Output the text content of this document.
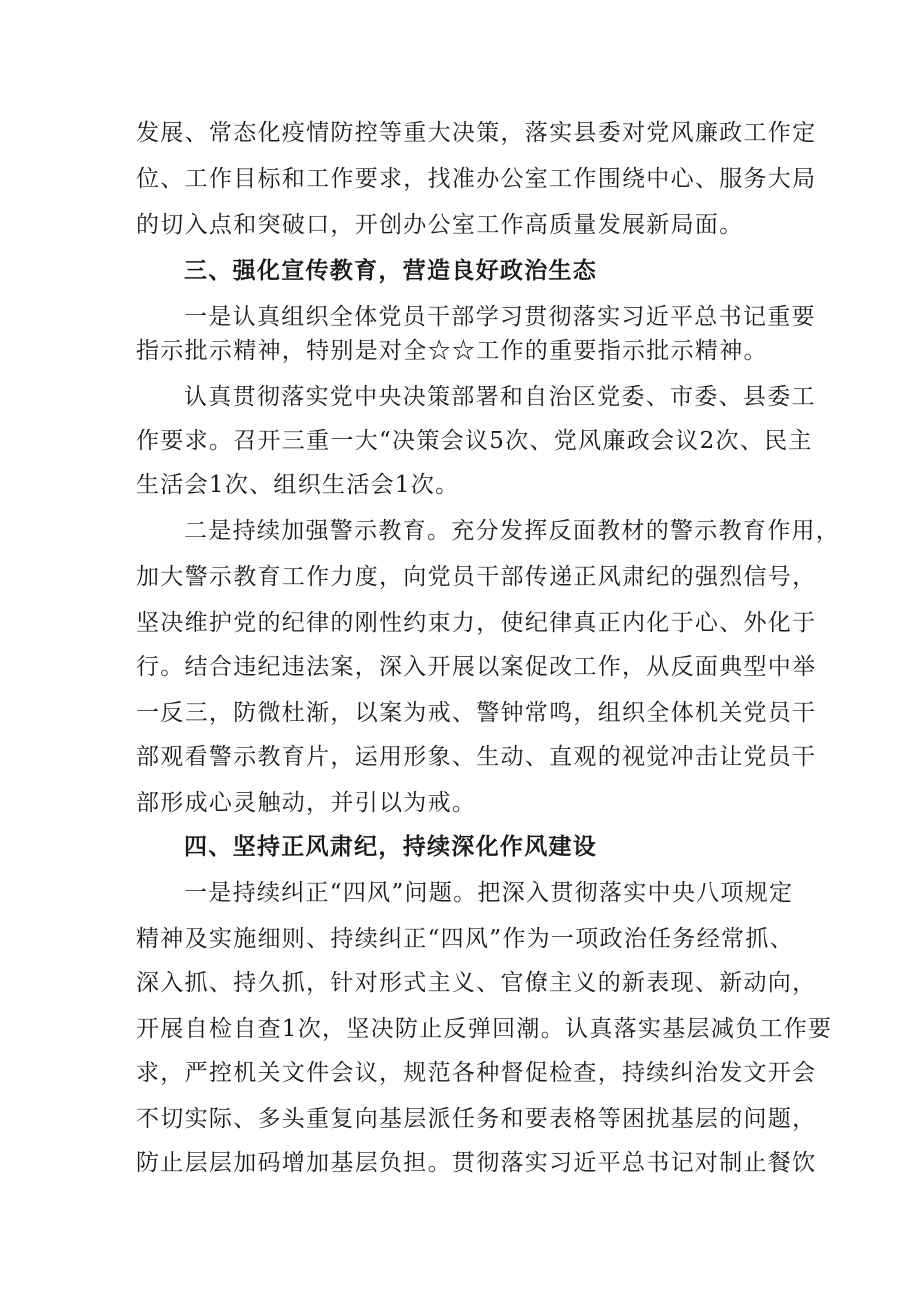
发展、常态化疫情防控等重大决策，落实县委对党风廉政工作定

位、工作目标和工作要求，找准办公室工作围绕中心、服务大局

的切入点和突破口，开创办公室工作高质量发展新局面。

三、强化宣传教育，营造良好政治生态

一是认真组织全体党员干部学习贯彻落实习近平总书记重要

指示批示精神，特别是对全☆☆工作的重要指示批示精神。

认真贯彻落实党中央决策部署和自治区党委、市委、县委工

作要求。召开三重一大“决策会议5次、党风廉政会议2次、民主

生活会1次、组织生活会1次。

二是持续加强警示教育。充分发挥反面教材的警示教育作用，

加大警示教育工作力度，向党员干部传递正风肃纪的强烈信号，

坚决维护党的纪律的刚性约束力，使纪律真正内化于心、外化于

行。结合违纪违法案，深入开展以案促改工作，从反面典型中举

一反三，防微杜渐，以案为戒、警钟常鸣，组织全体机关党员干

部观看警示教育片，运用形象、生动、直观的视觉冲击让党员干

部形成心灵触动，并引以为戒。

四、坚持正风肃纪，持续深化作风建设

一是持续纠正“四风”问题。把深入贯彻落实中央八项规定

精神及实施细则、持续纠正“四风”作为一项政治任务经常抓、

深入抓、持久抓，针对形式主义、官僚主义的新表现、新动向，

开展自检自查1次，坚决防止反弹回潮。认真落实基层减负工作要

求，严控机关文件会议，规范各种督促检查，持续纠治发文开会

不切实际、多头重复向基层派任务和要表格等困扰基层的问题，

防止层层加码增加基层负担。贯彻落实习近平总书记对制止餐饮
